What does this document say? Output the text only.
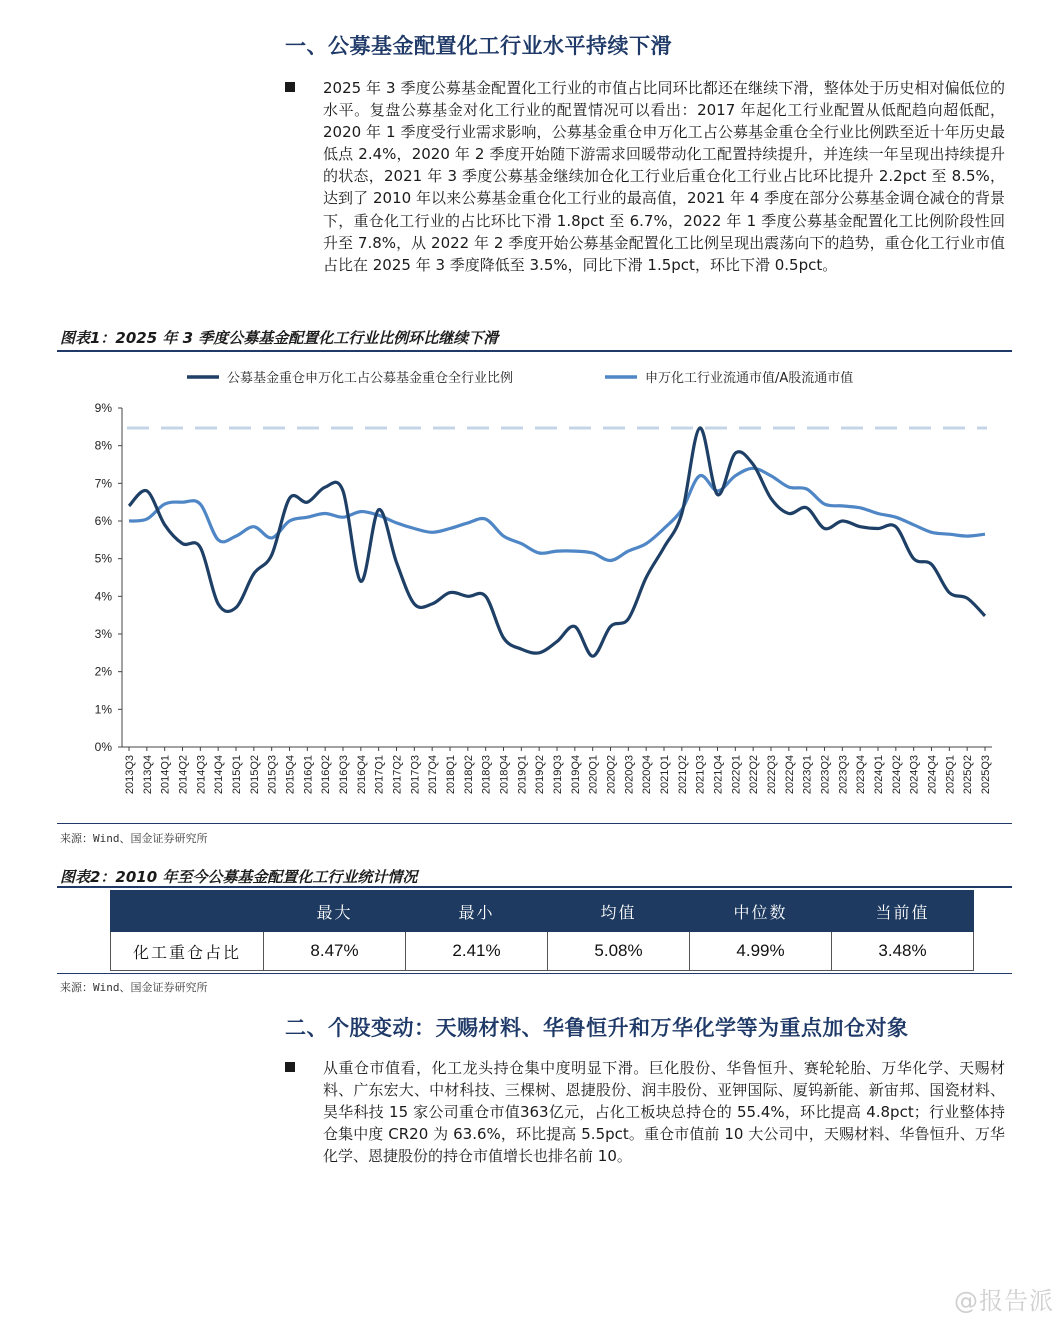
一、公募基金配置化工行业水平持续下滑
2025 年 3 季度公募基金配置化工行业的市值占比同环比都还在继续下滑，整体处于历史相对偏低位的水平。复盘公募基金对化工行业的配置情况可以看出：2017 年起化工行业配置从低配趋向超低配，2020 年 1 季度受行业需求影响，公募基金重仓申万化工占公募基金重仓全行业比例跌至近十年历史最低点 2.4%，2020 年 2 季度开始随下游需求回暖带动化工配置持续提升，并连续一年呈现出持续提升的状态，2021 年 3 季度公募基金继续加仓化工行业后重仓化工行业占比环比提升 2.2pct 至 8.5%，达到了 2010 年以来公募基金重仓化工行业的最高值，2021 年 4 季度在部分公募基金调仓减仓的背景下，重仓化工行业的占比环比下滑 1.8pct 至 6.7%，2022 年 1 季度公募基金配置化工比例阶段性回升至 7.8%，从 2022 年 2 季度开始公募基金配置化工比例呈现出震荡向下的趋势，重仓化工行业市值占比在 2025 年 3 季度降低至 3.5%，同比下滑 1.5pct，环比下滑 0.5pct。
图表1：2025 年 3 季度公募基金配置化工行业比例环比继续下滑
0%
1%
2%
3%
4%
5%
6%
7%
8%
9%
2013Q3 2013Q4 2014Q1 2014Q2 2014Q3 2014Q4 2015Q1 2015Q2 2015Q3 2015Q4 2016Q1 2016Q2 2016Q3 2016Q4 2017Q1 2017Q2 2017Q3 2017Q4 2018Q1 2018Q2 2018Q3 2018Q4 2019Q1 2019Q2 2019Q3 2019Q4 2020Q1 2020Q2 2020Q3 2020Q4 2021Q1 2021Q2 2021Q3 2021Q4 2022Q1 2022Q2 2022Q3 2022Q4 2023Q1 2023Q2 2023Q3 2023Q4 2024Q1 2024Q2 2024Q3 2024Q4 2025Q1 2025Q2 2025Q3
公募基金重仓申万化工占公募基金重仓全行业比例	申万化工行业流通市值/A股流通市值
来源：Wind、国金证券研究所
图表2：2010 年至今公募基金配置化工行业统计情况
	最大	最小	均值	中位数	当前值
化工重仓占比	8.47%	2.41%	5.08%	4.99%	3.48%
来源：Wind、国金证券研究所
二、个股变动：天赐材料、华鲁恒升和万华化学等为重点加仓对象
从重仓市值看，化工龙头持仓集中度明显下滑。巨化股份、华鲁恒升、赛轮轮胎、万华化学、天赐材料、广东宏大、中材科技、三棵树、恩捷股份、润丰股份、亚钾国际、厦钨新能、新宙邦、国瓷材料、昊华科技 15 家公司重仓市值363亿元，占化工板块总持仓的 55.4%，环比提高 4.8pct；行业整体持仓集中度 CR20 为 63.6%，环比提高 5.5pct。重仓市值前 10 大公司中，天赐材料、华鲁恒升、万华化学、恩捷股份的持仓市值增长也排名前 10。
@报告派
